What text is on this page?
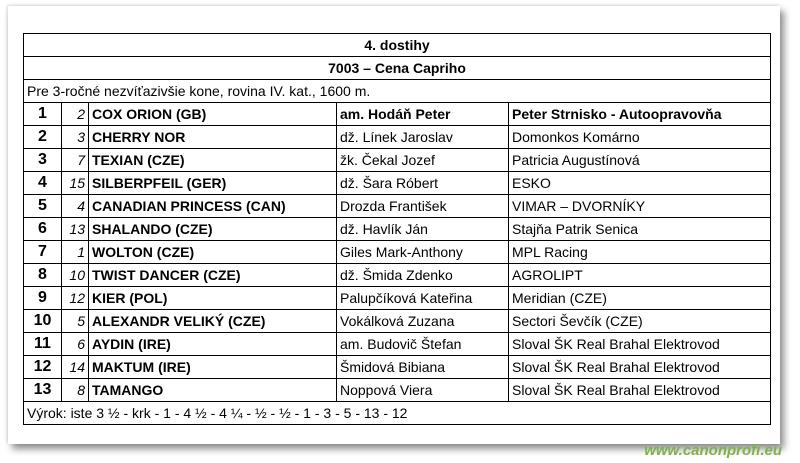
4. dostihy				
7003 – Cena Capriho				
Pre 3-ročné nezvíťazivšie kone, rovina IV. kat., 1600 m.				
1	2	COX ORION (GB)	am. Hodáň Peter	Peter Strnisko - Autoopravovňa
2	3	CHERRY NOR	dž. Línek Jaroslav	Domonkos Komárno
3	7	TEXIAN (CZE)	žk. Čekal Jozef	Patricia Augustínová
4	15	SILBERPFEIL (GER)	dž. Šara Róbert	ESKO
5	4	CANADIAN PRINCESS (CAN)	Drozda František	VIMAR – DVORNÍKY
6	13	SHALANDO (CZE)	dž. Havlík Ján	Stajňa Patrik Senica
7	1	WOLTON (CZE)	Giles Mark-Anthony	MPL Racing
8	10	TWIST DANCER (CZE)	dž. Šmida Zdenko	AGROLIPT
9	12	KIER (POL)	Palupčíková Kateřina	Meridian (CZE)
10	5	ALEXANDR VELIKÝ (CZE)	Vokálková Zuzana	Sectori Ševčík (CZE)
11	6	AYDIN (IRE)	am. Budovič Štefan	Sloval ŠK Real Brahal Elektrovod
12	14	MAKTUM (IRE)	Šmidová Bibiana	Sloval ŠK Real Brahal Elektrovod
13	8	TAMANGO	Noppová Viera	Sloval ŠK Real Brahal Elektrovod
Výrok: iste 3 ½ - krk - 1 - 4 ½ - 4 ¼ - ½ - ½ - 1 - 3 - 5 - 13 - 12				
www.canonprofi.eu
